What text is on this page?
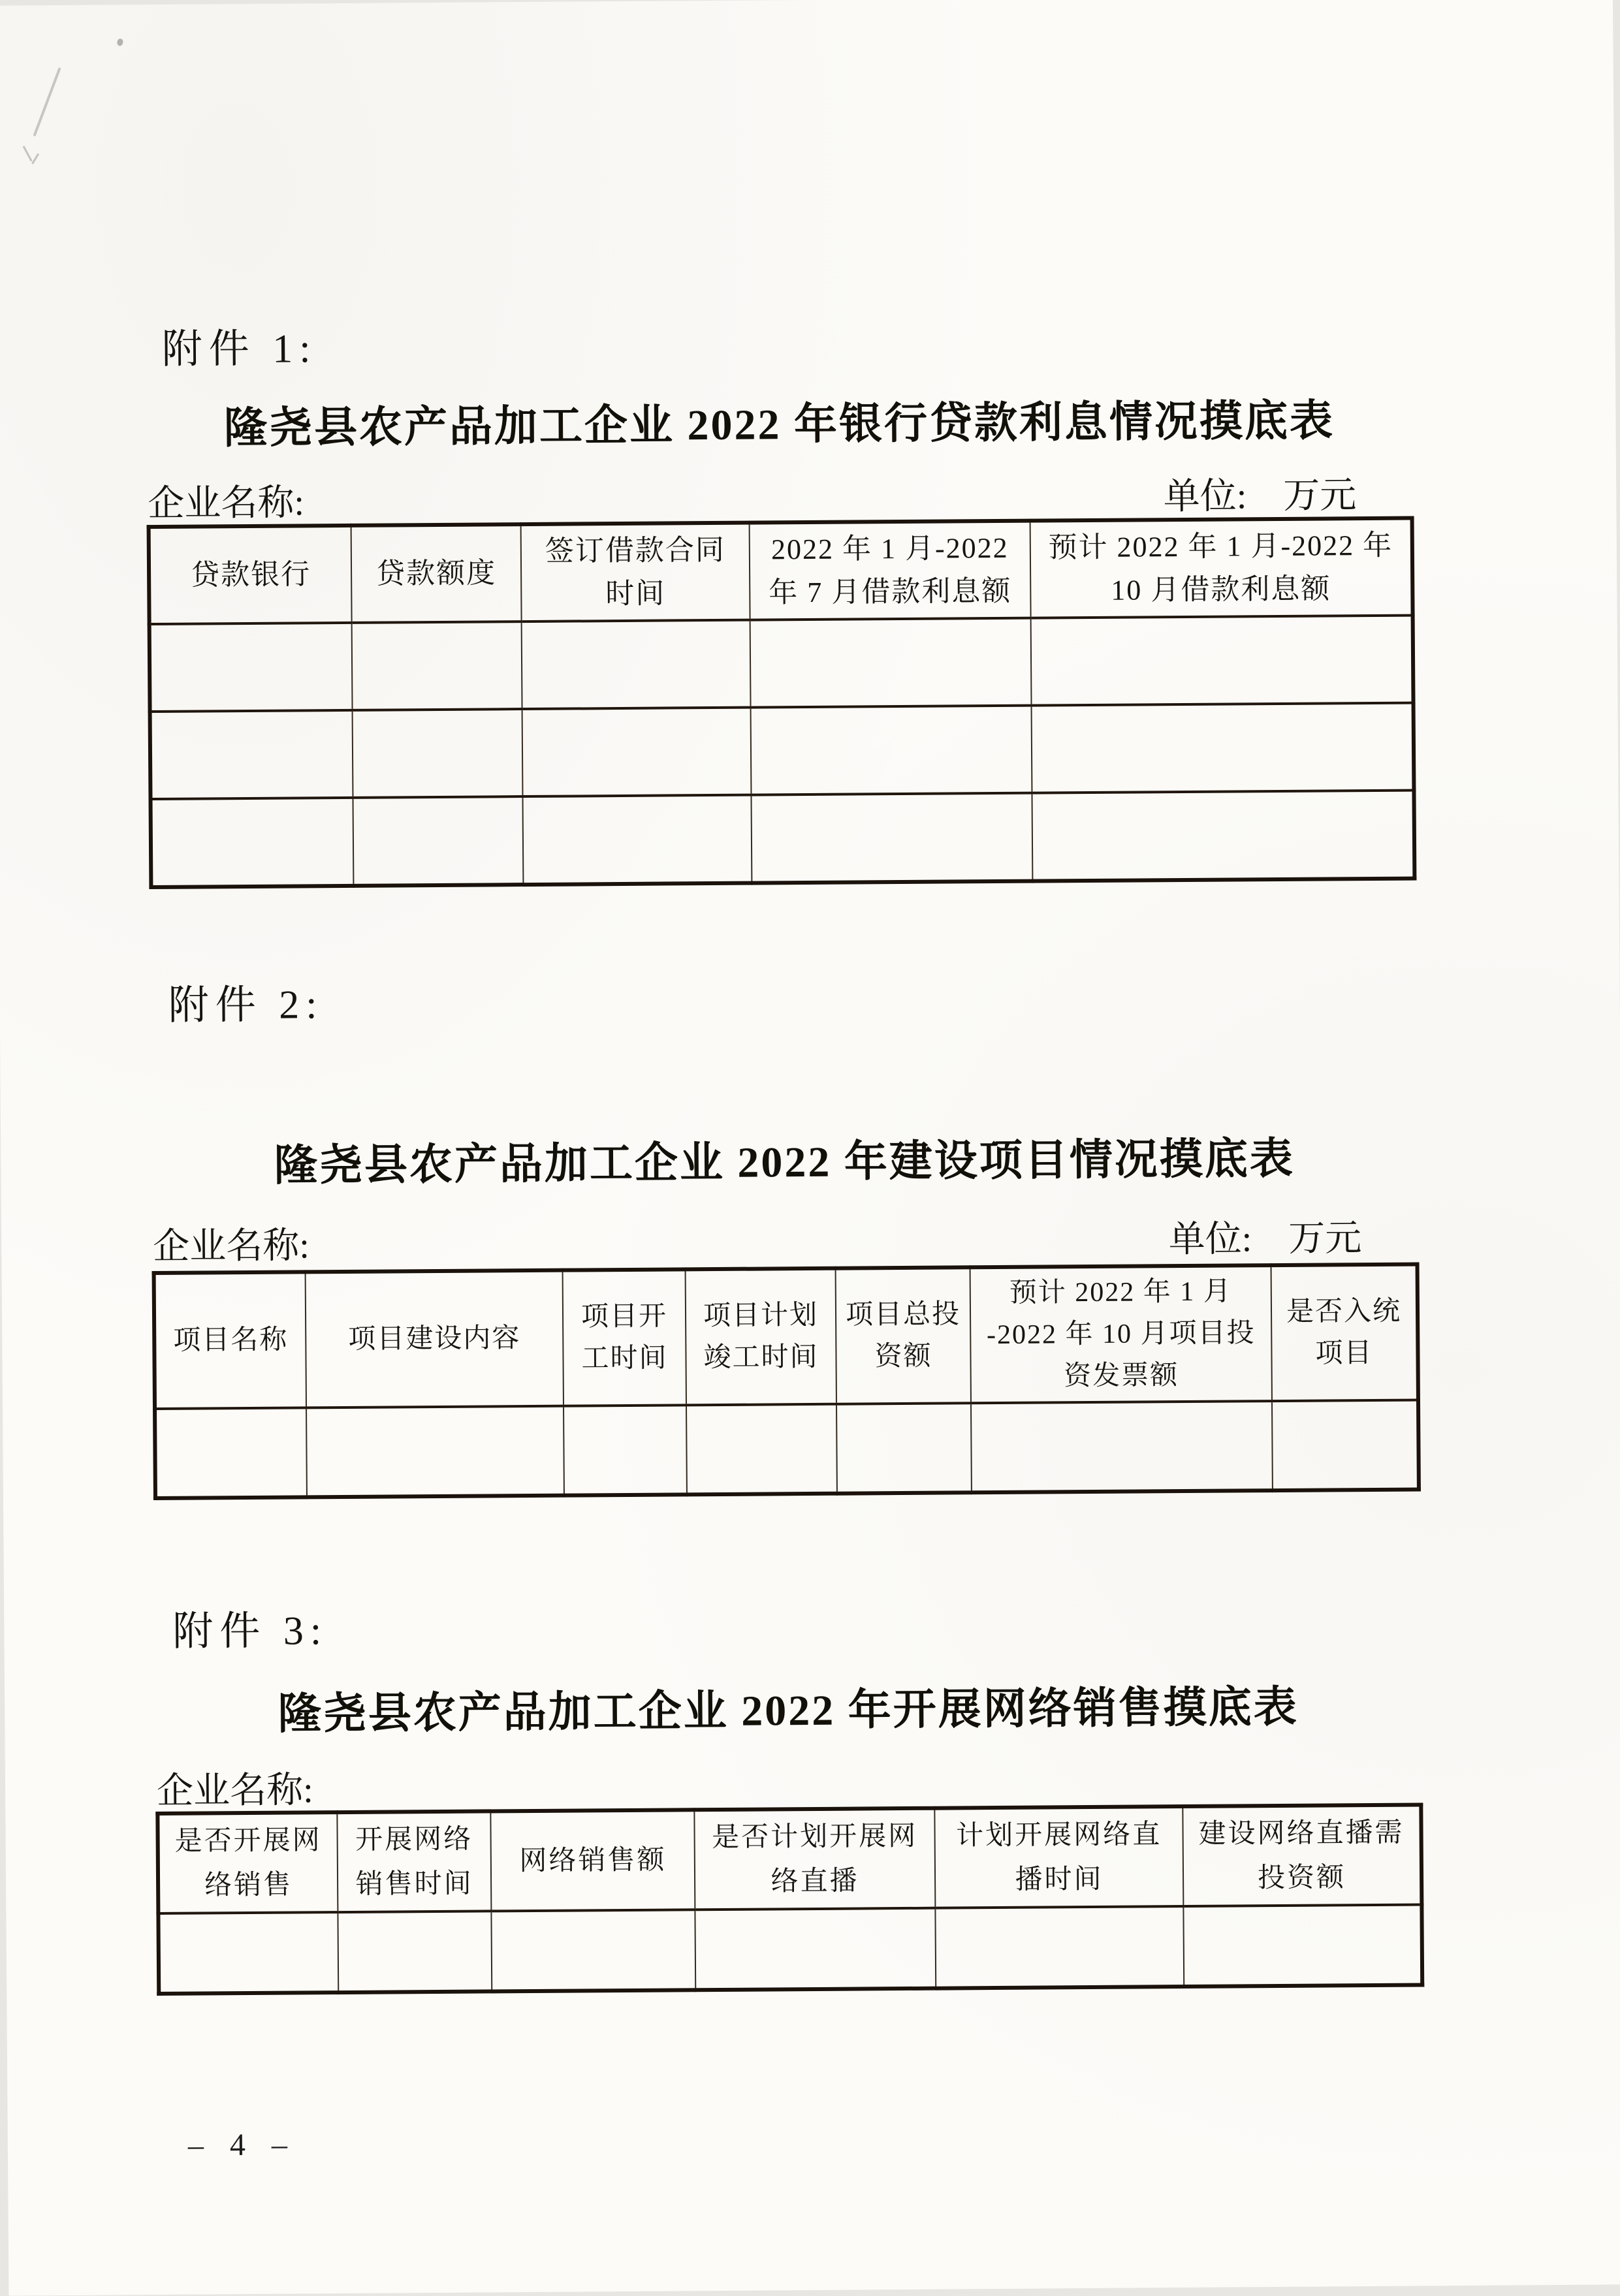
附件 1:
隆尧县农产品加工企业 2022 年银行贷款利息情况摸底表
企业名称:	单位:　万元
贷款银行	贷款额度	签订借款合同时间	2022 年 1 月-2022 年 7 月借款利息额	预计 2022 年 1 月-2022 年 10 月借款利息额

附件 2:
隆尧县农产品加工企业 2022 年建设项目情况摸底表
企业名称:	单位:　万元
项目名称	项目建设内容	项目开工时间	项目计划竣工时间	项目总投资额	预计 2022 年 1 月 -2022 年 10 月项目投资发票额	是否入统项目

附件 3:
隆尧县农产品加工企业 2022 年开展网络销售摸底表
企业名称:
是否开展网络销售	开展网络销售时间	网络销售额	是否计划开展网络直播	计划开展网络直播时间	建设网络直播需投资额

– 4 –
